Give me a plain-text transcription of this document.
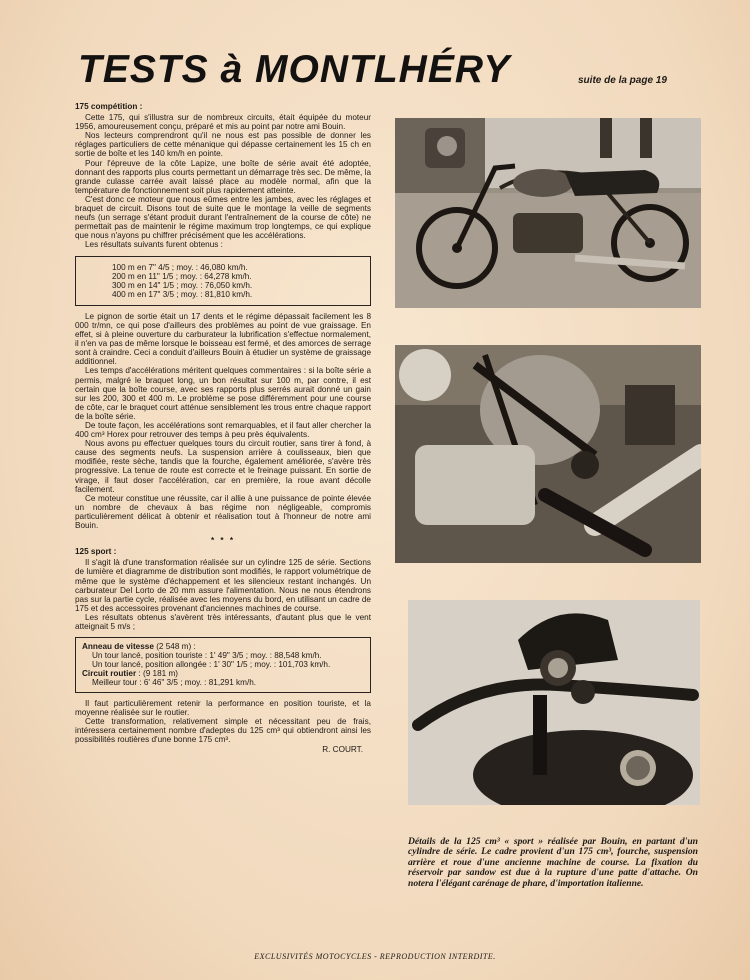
TESTS à MONTLHÉRY	suite de la page 19

175 compétition :

Cette 175, qui s'illustra sur de nombreux circuits, était équipée du moteur 1956, amoureusement conçu, préparé et mis au point par notre ami Bouin.

Nos lecteurs comprendront qu'il ne nous est pas possible de donner les réglages particuliers de cette ménanique qui dépasse certainement les 15 ch en sortie de boîte et les 140 km/h en pointe.

Pour l'épreuve de la côte Lapize, une boîte de série avait été adoptée, donnant des rapports plus courts permettant un démarrage très sec. De même, la grande culasse carrée avait laissé place au modèle normal, afin que la température de fonctionnement soit plus rapidement atteinte.

C'est donc ce moteur que nous eûmes entre les jambes, avec les réglages et braquet de circuit. Disons tout de suite que le montage la veille de segments neufs (un serrage s'étant produit durant l'entraînement de la course de côte) ne permettait pas de maintenir le régime maximum trop longtemps, ce qui explique que nous n'ayons pu chiffrer précisément que les accélérations.

Les résultats suivants furent obtenus :

100 m en 7" 4/5 ; moy. : 46,080 km/h.
200 m en 11" 1/5 ; moy. : 64,278 km/h.
300 m en 14" 1/5 ; moy. : 76,050 km/h.
400 m en 17" 3/5 ; moy. : 81,810 km/h.

Le pignon de sortie était un 17 dents et le régime dépassait facilement les 8 000 tr/mn, ce qui pose d'ailleurs des problèmes au point de vue graissage. En effet, si à pleine ouverture du carburateur la lubrification s'effectue normalement, il n'en va pas de même lorsque le boisseau est fermé, et des amorces de serrage sont à craindre. Ceci a conduit d'ailleurs Bouin à étudier un système de graissage additionnel.

Les temps d'accélérations méritent quelques commentaires : si la boîte série a permis, malgré le braquet long, un bon résultat sur 100 m, par contre, il est certain que la boîte course, avec ses rapports plus serrés aurait donné un gain sur les 200, 300 et 400 m. Le problème se pose différemment pour une course de côte, car le braquet court atténue sensiblement les trous entre chaque rapport de la boîte série.

De toute façon, les accélérations sont remarquables, et il faut aller chercher la 400 cm³ Horex pour retrouver des temps à peu près équivalents.

Nous avons pu effectuer quelques tours du circuit routier, sans tirer à fond, à cause des segments neufs. La suspension arrière à coulisseaux, bien que modifiée, reste sèche, tandis que la fourche, également améliorée, s'avère très progressive. La tenue de route est correcte et le freinage puissant. En sortie de virage, il faut doser l'accélération, car en première, la roue avant décolle facilement.

Ce moteur constitue une réussite, car il allie à une puissance de pointe élevée un nombre de chevaux à bas régime non négligeable, compromis particulièrement délicat à obtenir et réalisation tout à l'honneur de notre ami Bouin.

* * *

125 sport :

Il s'agit là d'une transformation réalisée sur un cylindre 125 de série. Sections de lumière et diagramme de distribution sont modifiés, le rapport volumétrique de même que le système d'échappement et les silencieux restant inchangés. Un carburateur Del Lorto de 20 mm assure l'alimentation. Nous ne nous étendrons pas sur la partie cycle, réalisée avec les moyens du bord, en utilisant un cadre de 175 et des accessoires provenant d'anciennes machines de course.

Les résultats obtenus s'avèrent très intéressants, d'autant plus que le vent atteignait 5 m/s ;

Anneau de vitesse (2 548 m) :
Un tour lancé, position touriste : 1' 49" 3/5 ; moy. : 88,548 km/h.
Un tour lancé, position allongée : 1' 30" 1/5 ; moy. : 101,703 km/h.
Circuit routier : (9 181 m)
Meilleur tour : 6' 46" 3/5 ; moy. : 81,291 km/h.

Il faut particulièrement retenir la performance en position touriste, et la moyenne réalisée sur le routier.

Cette transformation, relativement simple et nécessitant peu de frais, intéressera certainement nombre d'adeptes du 125 cm³ qui obtiendront ainsi les possibilités routières d'une bonne 175 cm³.

R. COURT.
Détails de la 125 cm³ « sport » réalisée par Bouin, en partant d'un cylindre de série. Le cadre provient d'un 175 cm³, fourche, suspension arrière et roue d'une ancienne machine de course. La fixation du réservoir par sandow est due à la rupture d'une patte d'attache. On notera l'élégant carénage de phare, d'importation italienne.
EXCLUSIVITÉS MOTOCYCLES - REPRODUCTION INTERDITE.
